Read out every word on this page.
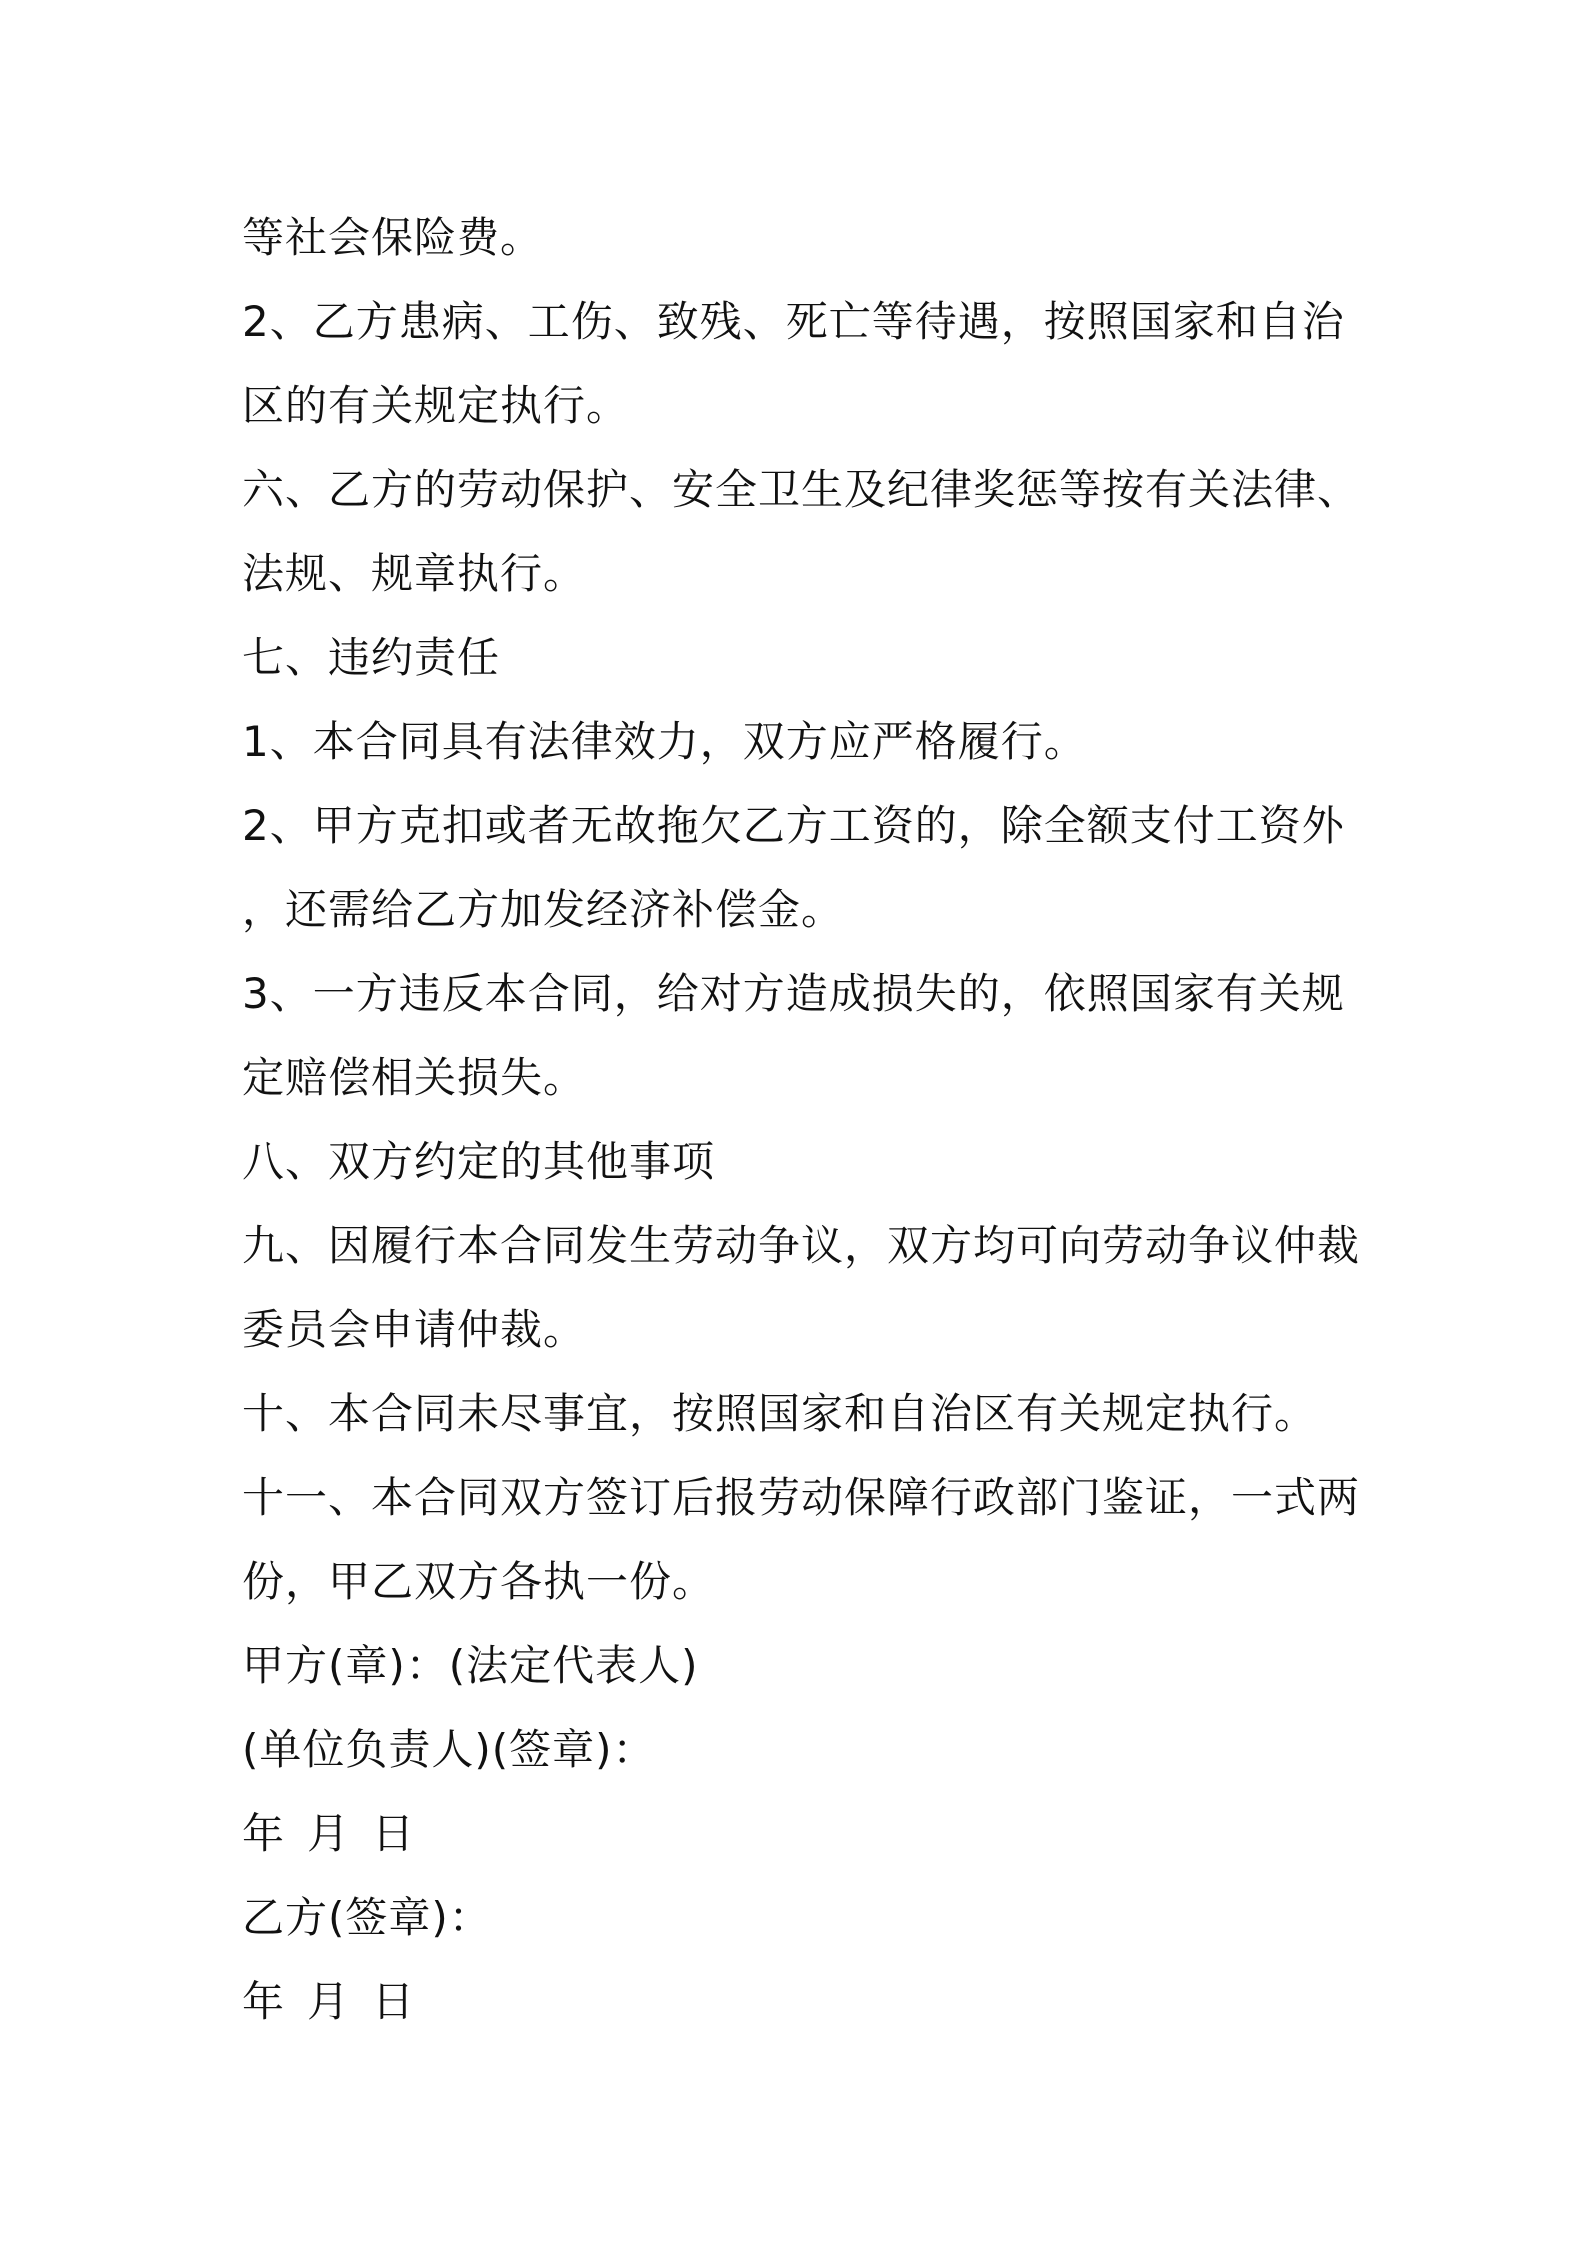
等社会保险费。
2、乙方患病、工伤、致残、死亡等待遇，按照国家和自治
区的有关规定执行。
六、乙方的劳动保护、安全卫生及纪律奖惩等按有关法律、
法规、规章执行。
七、违约责任
1、本合同具有法律效力，双方应严格履行。
2、甲方克扣或者无故拖欠乙方工资的，除全额支付工资外
，还需给乙方加发经济补偿金。
3、一方违反本合同，给对方造成损失的，依照国家有关规
定赔偿相关损失。
八、双方约定的其他事项
九、因履行本合同发生劳动争议，双方均可向劳动争议仲裁
委员会申请仲裁。
十、本合同未尽事宜，按照国家和自治区有关规定执行。
十一、本合同双方签订后报劳动保障行政部门鉴证，一式两
份，甲乙双方各执一份。
甲方(章)：(法定代表人)
(单位负责人)(签章)：
年 月 日
乙方(签章)：
年 月 日
